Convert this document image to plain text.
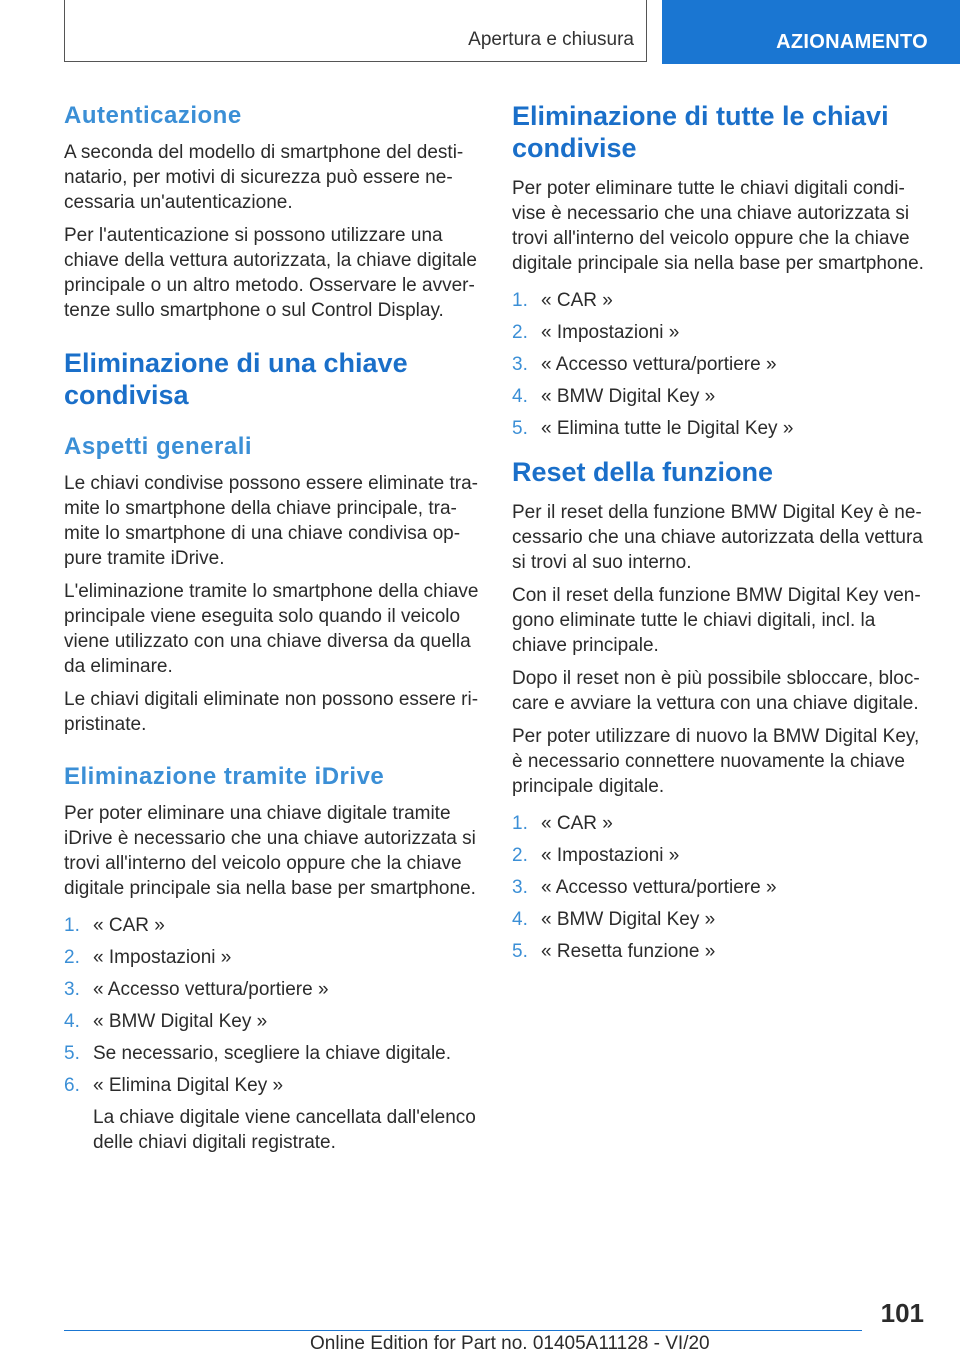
Apertura e chiusura	AZIONAMENTO
Autenticazione

A seconda del modello di smartphone del destinatario, per motivi di sicurezza può essere necessaria un'autenticazione.

Per l'autenticazione si possono utilizzare una chiave della vettura autorizzata, la chiave digitale principale o un altro metodo. Osservare le avvertenze sullo smartphone o sul Control Display.

Eliminazione di una chiave condivisa
Aspetti generali

Le chiavi condivise possono essere eliminate tramite lo smartphone della chiave principale, tramite lo smartphone di una chiave condivisa oppure tramite iDrive.

L'eliminazione tramite lo smartphone della chiave principale viene eseguita solo quando il veicolo viene utilizzato con una chiave diversa da quella da eliminare.

Le chiavi digitali eliminate non possono essere ripristinate.

Eliminazione tramite iDrive

Per poter eliminare una chiave digitale tramite iDrive è necessario che una chiave autorizzata si trovi all'interno del veicolo oppure che la chiave digitale principale sia nella base per smartphone.

1. « CAR »
2. « Impostazioni »
3. « Accesso vettura/portiere »
4. « BMW Digital Key »
5. Se necessario, scegliere la chiave digitale.
6. « Elimina Digital Key »
La chiave digitale viene cancellata dall'elenco delle chiavi digitali registrate.
Eliminazione di tutte le chiavi condivise

Per poter eliminare tutte le chiavi digitali condivise è necessario che una chiave autorizzata si trovi all'interno del veicolo oppure che la chiave digitale principale sia nella base per smartphone.

1. « CAR »
2. « Impostazioni »
3. « Accesso vettura/portiere »
4. « BMW Digital Key »
5. « Elimina tutte le Digital Key »
Reset della funzione

Per il reset della funzione BMW Digital Key è necessario che una chiave autorizzata della vettura si trovi al suo interno.

Con il reset della funzione BMW Digital Key vengono eliminate tutte le chiavi digitali, incl. la chiave principale.

Dopo il reset non è più possibile sbloccare, bloccare e avviare la vettura con una chiave digitale.

Per poter utilizzare di nuovo la BMW Digital Key, è necessario connettere nuovamente la chiave principale digitale.

1. « CAR »
2. « Impostazioni »
3. « Accesso vettura/portiere »
4. « BMW Digital Key »
5. « Resetta funzione »
101
Online Edition for Part no. 01405A11128 - VI/20
